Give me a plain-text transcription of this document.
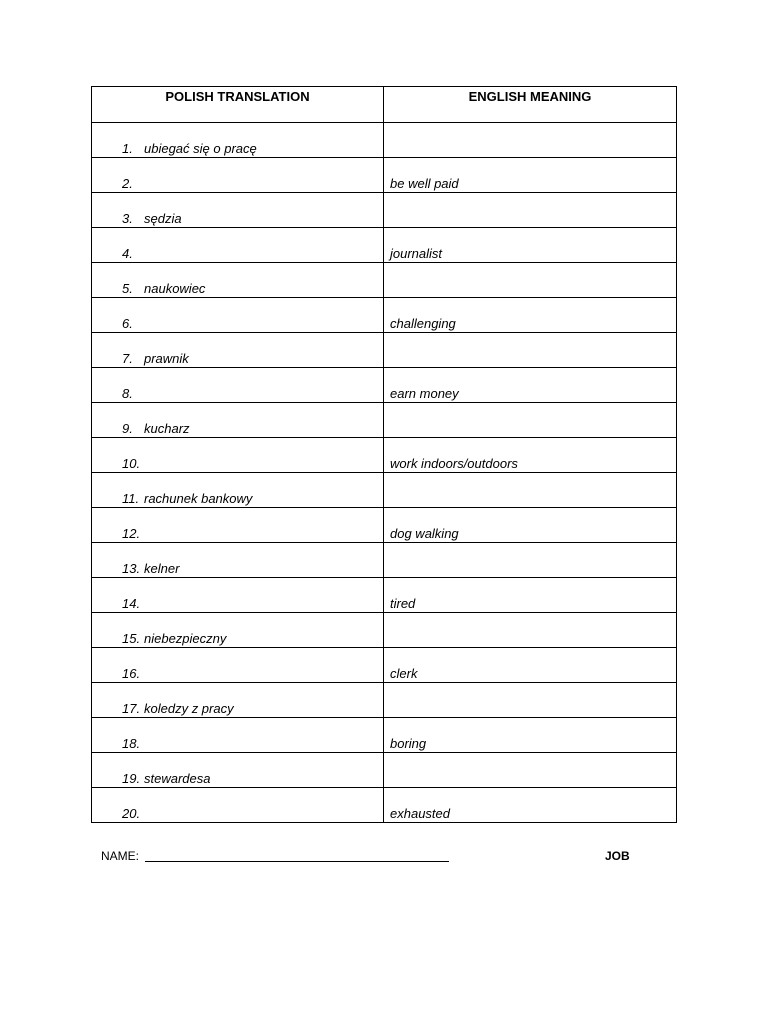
POLISH TRANSLATION	ENGLISH MEANING
1. ubiegać się o pracę	
2.	be well paid
3. sędzia	
4.	journalist
5. naukowiec	
6.	challenging
7. prawnik	
8.	earn money
9. kucharz	
10.	work indoors/outdoors
11. rachunek bankowy	
12.	dog walking
13. kelner	
14.	tired
15. niebezpieczny	
16.	clerk
17. koledzy z pracy	
18.	boring
19. stewardesa	
20.	exhausted
NAME:	JOB
